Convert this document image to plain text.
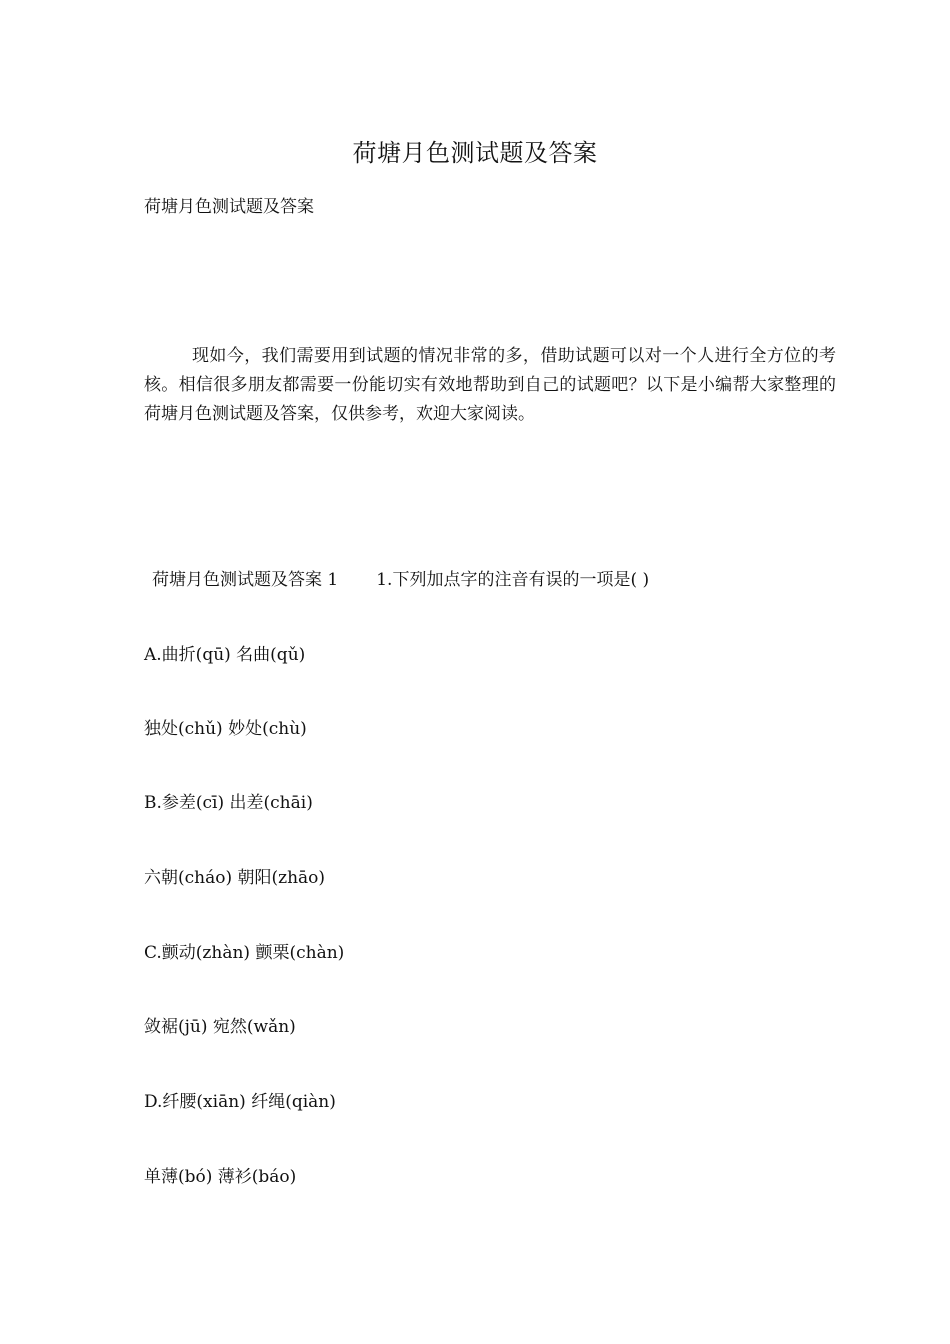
荷塘月色测试题及答案
荷塘月色测试题及答案

现如今，我们需要用到试题的情况非常的多，借助试题可以对一个人进行全方位的考核。相信很多朋友都需要一份能切实有效地帮助到自己的试题吧？以下是小编帮大家整理的荷塘月色测试题及答案，仅供参考，欢迎大家阅读。

荷塘月色测试题及答案 1 1.下列加点字的注音有误的一项是( )
A.曲折(qū) 名曲(qǔ)
独处(chǔ) 妙处(chù)
B.参差(cī) 出差(chāi)
六朝(cháo) 朝阳(zhāo)
C.颤动(zhàn) 颤栗(chàn)
敛裾(jū) 宛然(wǎn)
D.纤腰(xiān) 纤绳(qiàn)
单薄(bó) 薄衫(báo)
